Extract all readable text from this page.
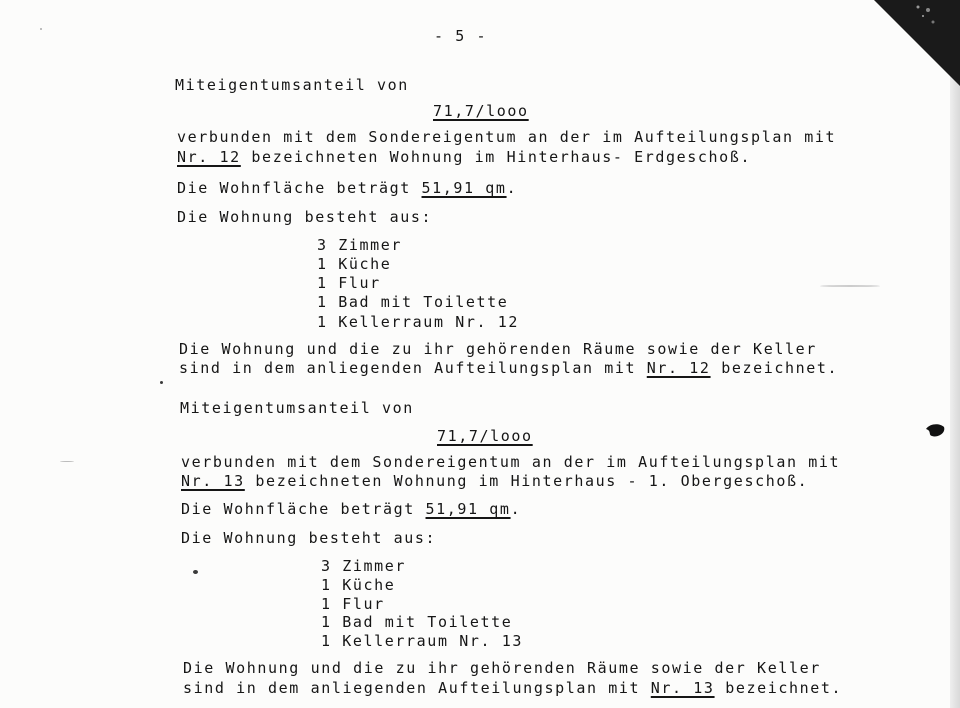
- 5 -
Miteigentumsanteil von
71,7/looo
verbunden mit dem Sondereigentum an der im Aufteilungsplan mit
Nr. 12 bezeichneten Wohnung im Hinterhaus- Erdgeschoß.
Die Wohnfläche beträgt 51,91 qm.
Die Wohnung besteht aus:
3 Zimmer
1 Küche
1 Flur
1 Bad mit Toilette
1 Kellerraum Nr. 12
Die Wohnung und die zu ihr gehörenden Räume sowie der Keller
sind in dem anliegenden Aufteilungsplan mit Nr. 12 bezeichnet.
Miteigentumsanteil von
71,7/looo
verbunden mit dem Sondereigentum an der im Aufteilungsplan mit
Nr. 13 bezeichneten Wohnung im Hinterhaus - 1. Obergeschoß.
Die Wohnfläche beträgt 51,91 qm.
Die Wohnung besteht aus:
3 Zimmer
1 Küche
1 Flur
1 Bad mit Toilette
1 Kellerraum Nr. 13
Die Wohnung und die zu ihr gehörenden Räume sowie der Keller
sind in dem anliegenden Aufteilungsplan mit Nr. 13 bezeichnet.
